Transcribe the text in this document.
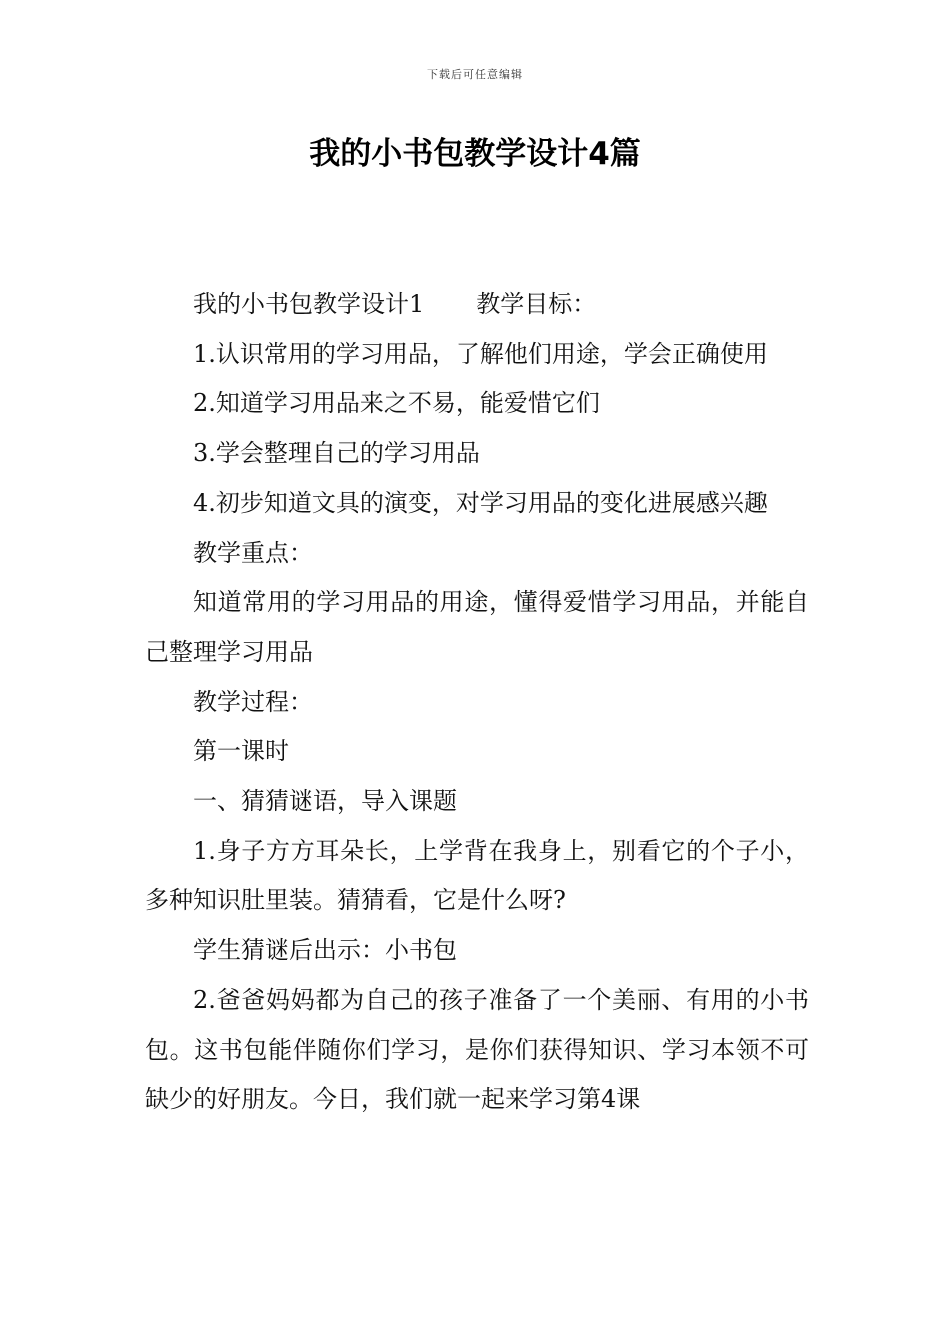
下载后可任意编辑
我的小书包教学设计4篇

我的小书包教学设计1 教学目标：

1.认识常用的学习用品，了解他们用途，学会正确使用

2.知道学习用品来之不易，能爱惜它们

3.学会整理自己的学习用品

4.初步知道文具的演变，对学习用品的变化进展感兴趣

教学重点：

知道常用的学习用品的用途，懂得爱惜学习用品，并能自己整理学习用品

教学过程：

第一课时

一、猜猜谜语，导入课题

1.身子方方耳朵长，上学背在我身上，别看它的个子小，多种知识肚里装。猜猜看，它是什么呀?

学生猜谜后出示：小书包

2.爸爸妈妈都为自己的孩子准备了一个美丽、有用的小书包。这书包能伴随你们学习，是你们获得知识、学习本领不可缺少的好朋友。今日，我们就一起来学习第4课
